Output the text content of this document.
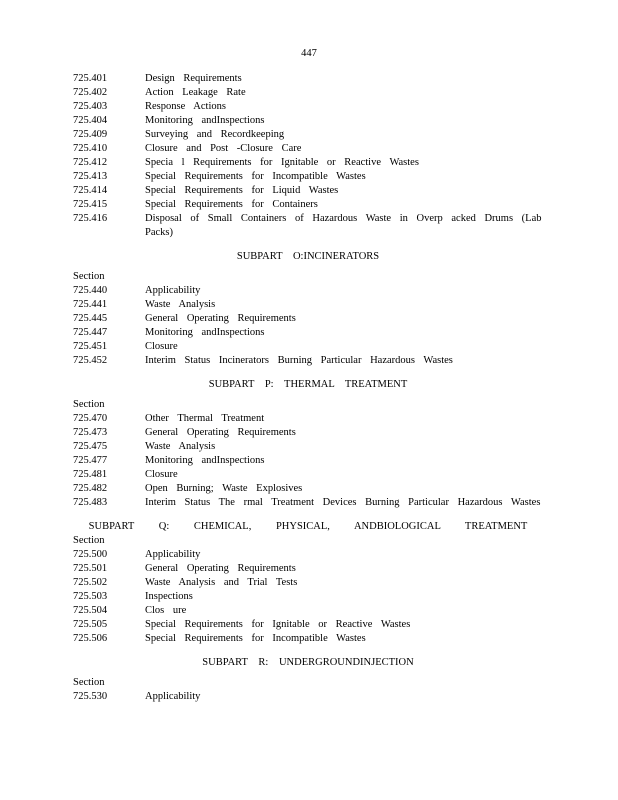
447
725.401	Design Requirements
725.402	Action Leakage Rate
725.403	Response Actions
725.404	Monitoring andInspections
725.409	Surveying and Recordkeeping
725.410	Closure and Post -Closure Care
725.412	Specia l Requirements for Ignitable or Reactive Wastes
725.413	Special Requirements for Incompatible Wastes
725.414	Special Requirements for Liquid Wastes
725.415	Special Requirements for Containers
725.416	Disposal of Small Containers of Hazardous Waste in Overp acked Drums (Lab Packs)
SUBPART O:INCINERATORS
Section
725.440	Applicability
725.441	Waste Analysis
725.445	General Operating Requirements
725.447	Monitoring andInspections
725.451	Closure
725.452	Interim Status Incinerators Burning Particular Hazardous Wastes
SUBPART P: THERMAL TREATMENT
Section
725.470	Other Thermal Treatment
725.473	General Operating Requirements
725.475	Waste Analysis
725.477	Monitoring andInspections
725.481	Closure
725.482	Open Burning; Waste Explosives
725.483	Interim Status The rmal Treatment Devices Burning Particular Hazardous Wastes
SUBPART Q: CHEMICAL, PHYSICAL, ANDBIOLOGICAL TREATMENT
Section
725.500	Applicability
725.501	General Operating Requirements
725.502	Waste Analysis and Trial Tests
725.503	Inspections
725.504	Clos ure
725.505	Special Requirements for Ignitable or Reactive Wastes
725.506	Special Requirements for Incompatible Wastes
SUBPART R: UNDERGROUNDINJECTION
Section
725.530	Applicability
